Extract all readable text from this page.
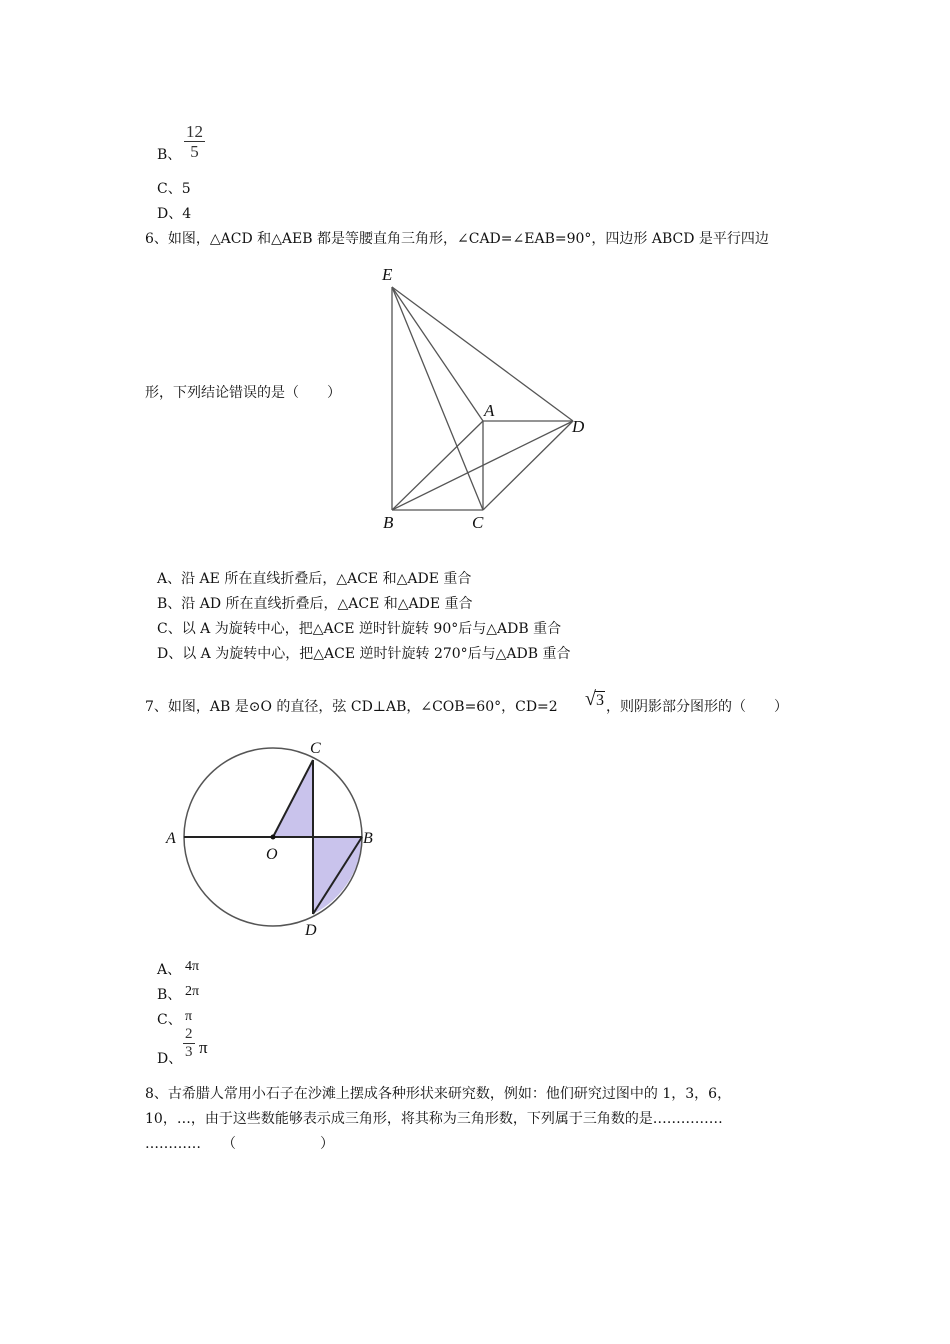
B、 $\frac{12}{5}$
C、5
D、4
6、如图，△ACD 和△AEB 都是等腰直角三角形，∠CAD=∠EAB=90°，四边形 ABCD 是平行四边
形，下列结论错误的是（　　）
E
A
D
B	C
A、沿 AE 所在直线折叠后，△ACE 和△ADE 重合
B、沿 AD 所在直线折叠后，△ACE 和△ADE 重合
C、以 A 为旋转中心，把△ACE 逆时针旋转 90°后与△ADB 重合
D、以 A 为旋转中心，把△ACE 逆时针旋转 270°后与△ADB 重合
7、如图，AB 是⊙O 的直径，弦 CD⊥AB，∠COB=60°，CD=2 √ 3 ，则阴影部分图形的（　　）
A
O
C
B
D
A、 4π
B、 2π
C、 π
D、 $\frac{2}{3}$ π
8、古希腊人常用小石子在沙滩上摆成各种形状来研究数，例如：他们研究过图中的 1，3，6，
10，…，由于这些数能够表示成三角形，将其称为三角形数，下列属于三角数的是……………
…………　　（　　　　　　）
